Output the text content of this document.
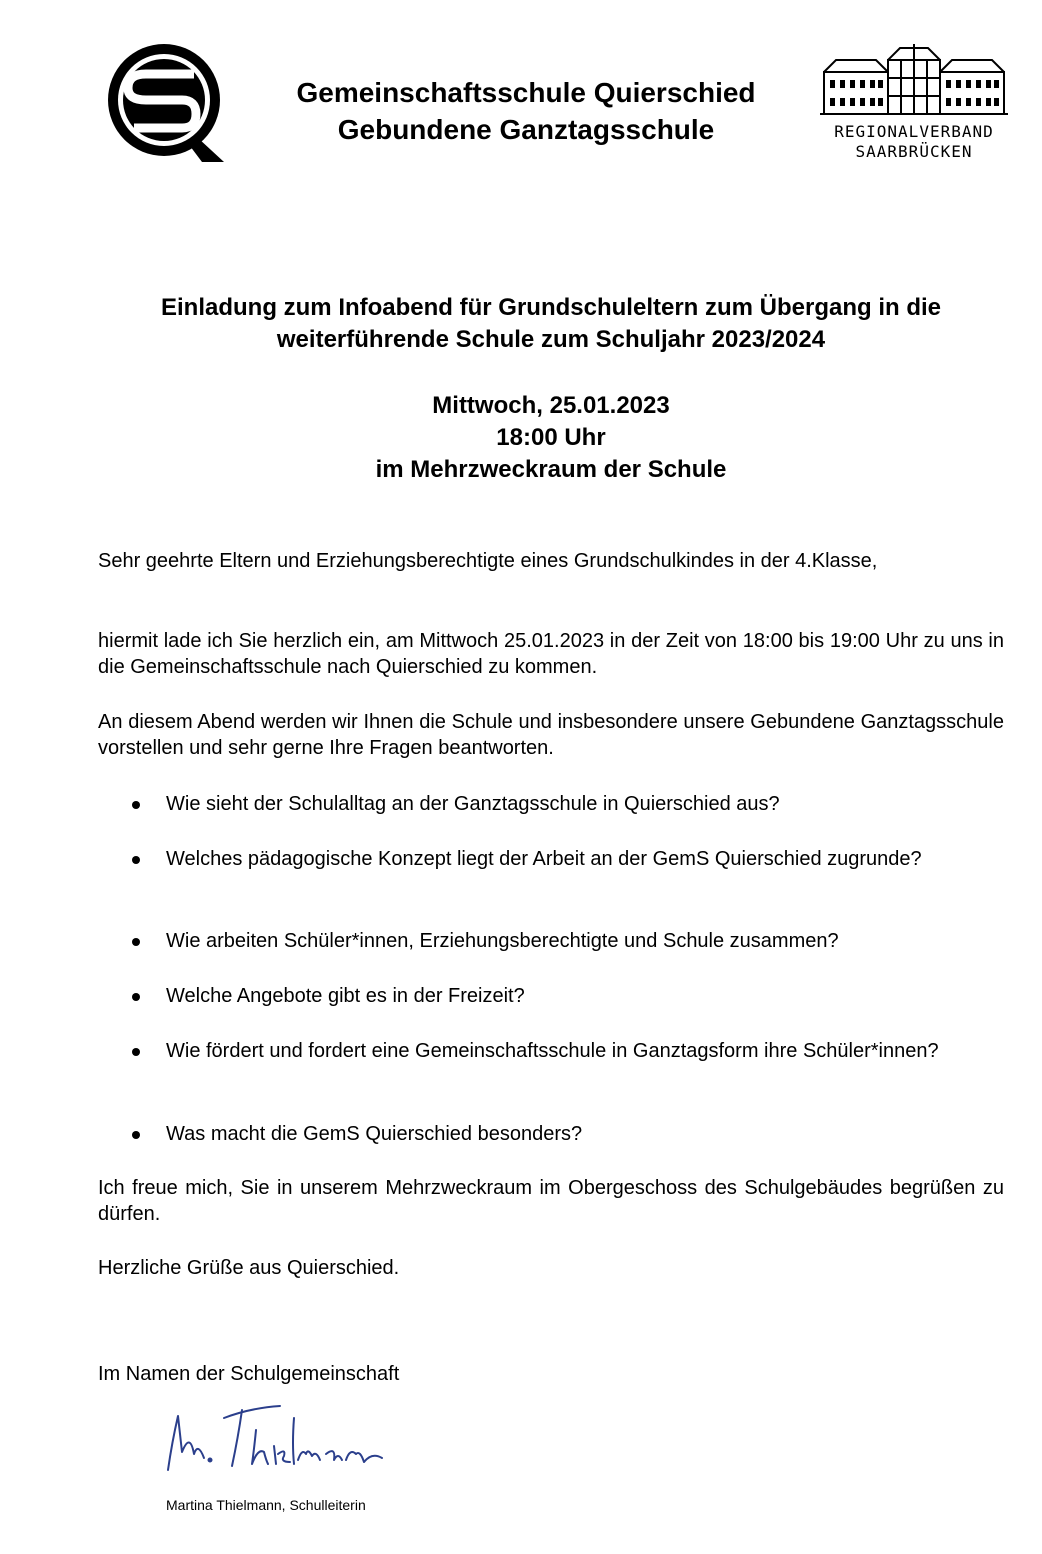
Gemeinschaftsschule Quierschied
Gebundene Ganztagsschule	REGIONALVERBAND
SAARBRÜCKEN
Einladung zum Infoabend für Grundschuleltern zum Übergang in die
weiterführende Schule zum Schuljahr 2023/2024
Mittwoch, 25.01.2023
18:00 Uhr
im Mehrzweckraum der Schule

Sehr geehrte Eltern und Erziehungsberechtigte eines Grundschulkindes in der 4.Klasse,

hiermit lade ich Sie herzlich ein, am Mittwoch 25.01.2023 in der Zeit von 18:00 bis 19:00 Uhr zu uns in die Gemeinschaftsschule nach Quierschied zu kommen.

An diesem Abend werden wir Ihnen die Schule und insbesondere unsere Gebundene Ganztagsschule vorstellen und sehr gerne Ihre Fragen beantworten.

Wie sieht der Schulalltag an der Ganztagsschule in Quierschied aus?

Welches pädagogische Konzept liegt der Arbeit an der GemS Quierschied zugrunde?

Wie arbeiten Schüler*innen, Erziehungsberechtigte und Schule zusammen?

Welche Angebote gibt es in der Freizeit?

Wie fördert und fordert eine Gemeinschaftsschule in Ganztagsform ihre Schüler*innen?

Was macht die GemS Quierschied besonders?

Ich freue mich, Sie in unserem Mehrzweckraum im Obergeschoss des Schulgebäudes begrüßen zu dürfen.

Herzliche Grüße aus Quierschied.

Im Namen der Schulgemeinschaft

Martina Thielmann, Schulleiterin
